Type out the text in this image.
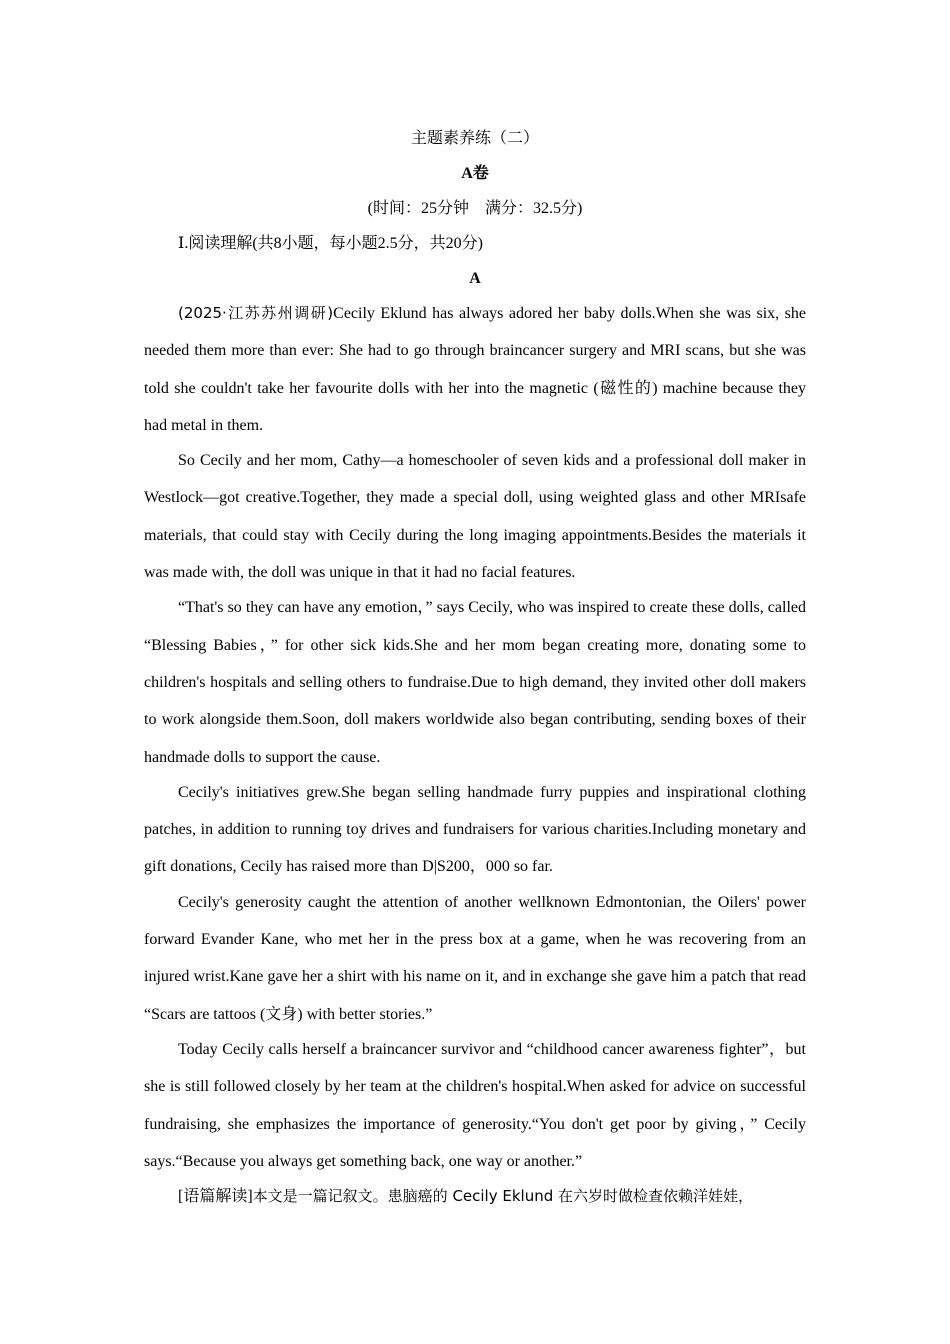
主题素养练（二）
A卷
(时间：25分钟　满分：32.5分)
Ⅰ.阅读理解(共8小题，每小题2.5分，共20分)
A

(2025·江苏苏州调研)Cecily Eklund has always adored her baby dolls.When she was six, she needed them more than ever: She had to go through braincancer surgery and MRI scans, but she was told she couldn't take her favourite dolls with her into the magnetic (磁性的) machine because they had metal in them.

So Cecily and her mom, Cathy—a homeschooler of seven kids and a professional doll maker in Westlock—got creative.Together, they made a special doll, using weighted glass and other MRIsafe materials, that could stay with Cecily during the long imaging appointments.Besides the materials it was made with, the doll was unique in that it had no facial features.

“That's so they can have any emotion，” says Cecily, who was inspired to create these dolls, called “Blessing Babies，” for other sick kids.She and her mom began creating more, donating some to children's hospitals and selling others to fundraise.Due to high demand, they invited other doll makers to work alongside them.Soon, doll makers worldwide also began contributing, sending boxes of their handmade dolls to support the cause.

Cecily's initiatives grew.She began selling handmade furry puppies and inspirational clothing patches, in addition to running toy drives and fundraisers for various charities.Including monetary and gift donations, Cecily has raised more than D|S200，000 so far.

Cecily's generosity caught the attention of another wellknown Edmontonian, the Oilers' power forward Evander Kane, who met her in the press box at a game, when he was recovering from an injured wrist.Kane gave her a shirt with his name on it, and in exchange she gave him a patch that read “Scars are tattoos (文身) with better stories.”

Today Cecily calls herself a braincancer survivor and “childhood cancer awareness fighter”，but she is still followed closely by her team at the children's hospital.When asked for advice on successful fundraising, she emphasizes the importance of generosity.“You don't get poor by giving，” Cecily says.“Because you always get something back, one way or another.”

[语篇解读]本文是一篇记叙文。患脑癌的 Cecily Eklund 在六岁时做检查依赖洋娃娃，
